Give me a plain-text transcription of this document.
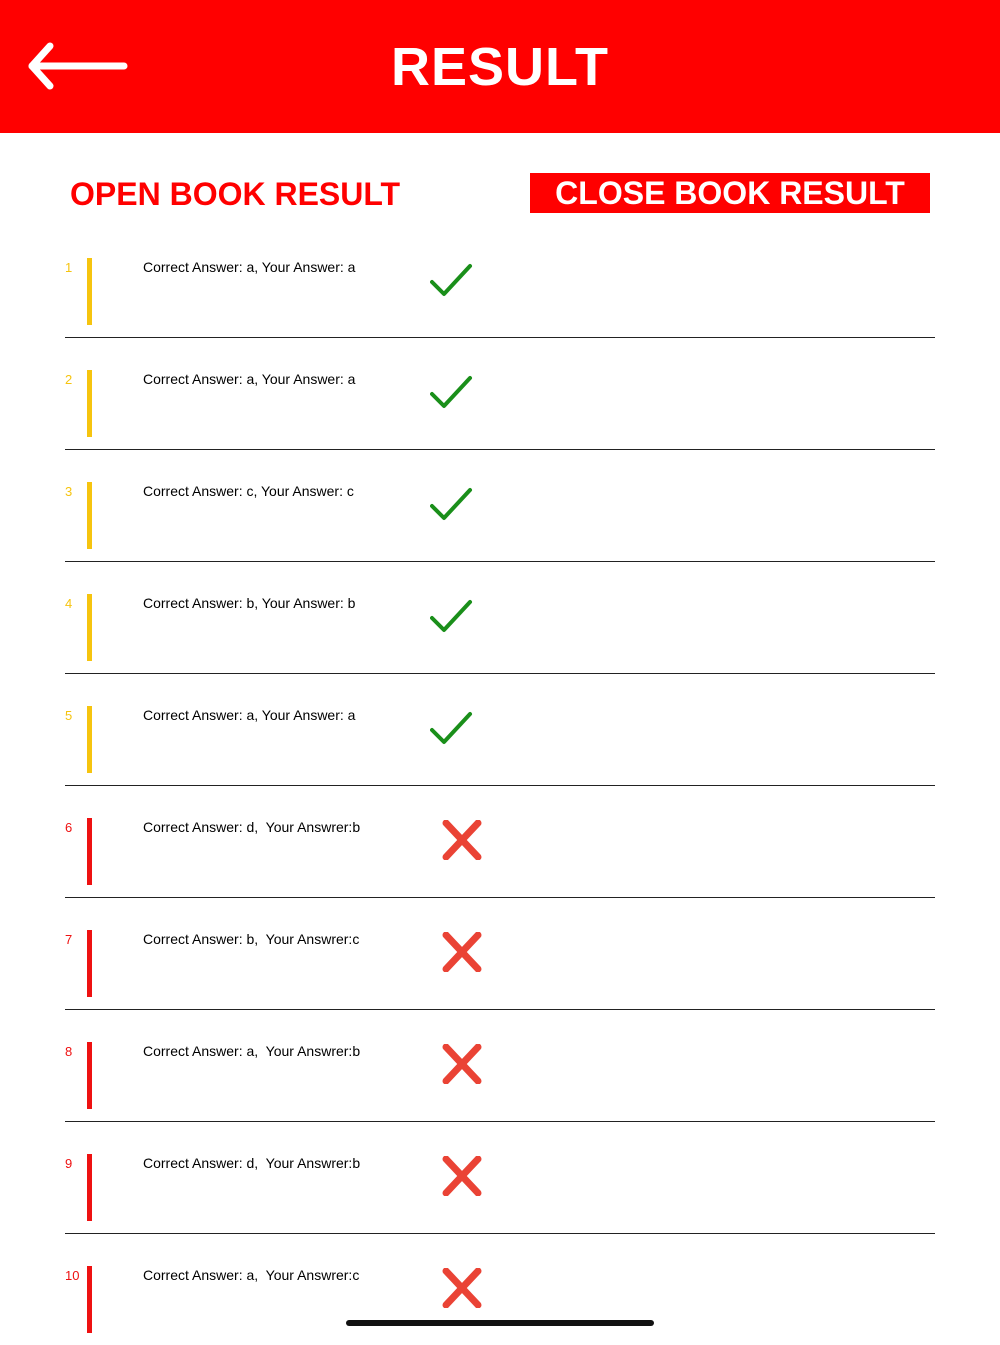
RESULT
OPEN BOOK RESULT	CLOSE BOOK RESULT
1	Correct Answer: a, Your Answer: a
2	Correct Answer: a, Your Answer: a
3	Correct Answer: c, Your Answer: c
4	Correct Answer: b, Your Answer: b
5	Correct Answer: a, Your Answer: a
6	Correct Answer: d,  Your Answrer:b
7	Correct Answer: b,  Your Answrer:c
8	Correct Answer: a,  Your Answrer:b
9	Correct Answer: d,  Your Answrer:b
10	Correct Answer: a,  Your Answrer:c
